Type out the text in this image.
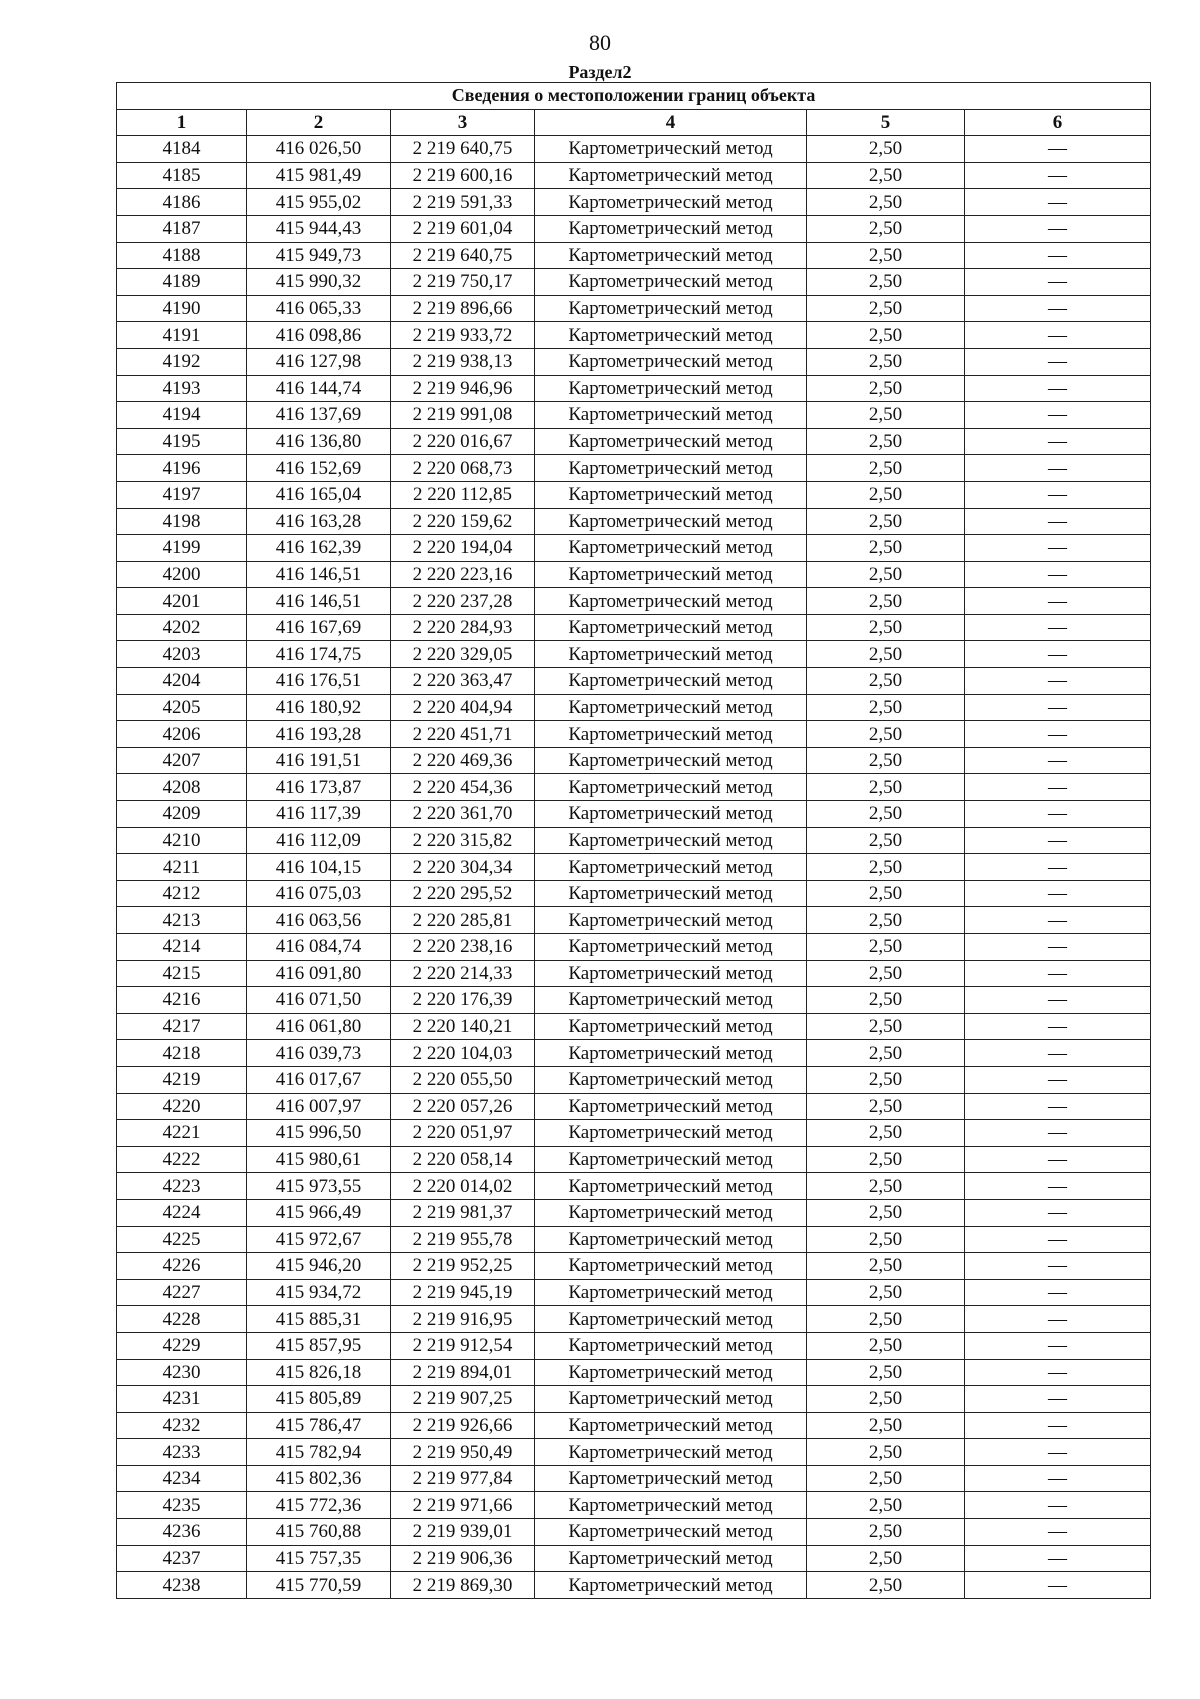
80
Раздел2
Сведения о местоположении границ объекта					
1	2	3	4	5	6
4184	416 026,50	2 219 640,75	Картометрический метод	2,50	—
4185	415 981,49	2 219 600,16	Картометрический метод	2,50	—
4186	415 955,02	2 219 591,33	Картометрический метод	2,50	—
4187	415 944,43	2 219 601,04	Картометрический метод	2,50	—
4188	415 949,73	2 219 640,75	Картометрический метод	2,50	—
4189	415 990,32	2 219 750,17	Картометрический метод	2,50	—
4190	416 065,33	2 219 896,66	Картометрический метод	2,50	—
4191	416 098,86	2 219 933,72	Картометрический метод	2,50	—
4192	416 127,98	2 219 938,13	Картометрический метод	2,50	—
4193	416 144,74	2 219 946,96	Картометрический метод	2,50	—
4194	416 137,69	2 219 991,08	Картометрический метод	2,50	—
4195	416 136,80	2 220 016,67	Картометрический метод	2,50	—
4196	416 152,69	2 220 068,73	Картометрический метод	2,50	—
4197	416 165,04	2 220 112,85	Картометрический метод	2,50	—
4198	416 163,28	2 220 159,62	Картометрический метод	2,50	—
4199	416 162,39	2 220 194,04	Картометрический метод	2,50	—
4200	416 146,51	2 220 223,16	Картометрический метод	2,50	—
4201	416 146,51	2 220 237,28	Картометрический метод	2,50	—
4202	416 167,69	2 220 284,93	Картометрический метод	2,50	—
4203	416 174,75	2 220 329,05	Картометрический метод	2,50	—
4204	416 176,51	2 220 363,47	Картометрический метод	2,50	—
4205	416 180,92	2 220 404,94	Картометрический метод	2,50	—
4206	416 193,28	2 220 451,71	Картометрический метод	2,50	—
4207	416 191,51	2 220 469,36	Картометрический метод	2,50	—
4208	416 173,87	2 220 454,36	Картометрический метод	2,50	—
4209	416 117,39	2 220 361,70	Картометрический метод	2,50	—
4210	416 112,09	2 220 315,82	Картометрический метод	2,50	—
4211	416 104,15	2 220 304,34	Картометрический метод	2,50	—
4212	416 075,03	2 220 295,52	Картометрический метод	2,50	—
4213	416 063,56	2 220 285,81	Картометрический метод	2,50	—
4214	416 084,74	2 220 238,16	Картометрический метод	2,50	—
4215	416 091,80	2 220 214,33	Картометрический метод	2,50	—
4216	416 071,50	2 220 176,39	Картометрический метод	2,50	—
4217	416 061,80	2 220 140,21	Картометрический метод	2,50	—
4218	416 039,73	2 220 104,03	Картометрический метод	2,50	—
4219	416 017,67	2 220 055,50	Картометрический метод	2,50	—
4220	416 007,97	2 220 057,26	Картометрический метод	2,50	—
4221	415 996,50	2 220 051,97	Картометрический метод	2,50	—
4222	415 980,61	2 220 058,14	Картометрический метод	2,50	—
4223	415 973,55	2 220 014,02	Картометрический метод	2,50	—
4224	415 966,49	2 219 981,37	Картометрический метод	2,50	—
4225	415 972,67	2 219 955,78	Картометрический метод	2,50	—
4226	415 946,20	2 219 952,25	Картометрический метод	2,50	—
4227	415 934,72	2 219 945,19	Картометрический метод	2,50	—
4228	415 885,31	2 219 916,95	Картометрический метод	2,50	—
4229	415 857,95	2 219 912,54	Картометрический метод	2,50	—
4230	415 826,18	2 219 894,01	Картометрический метод	2,50	—
4231	415 805,89	2 219 907,25	Картометрический метод	2,50	—
4232	415 786,47	2 219 926,66	Картометрический метод	2,50	—
4233	415 782,94	2 219 950,49	Картометрический метод	2,50	—
4234	415 802,36	2 219 977,84	Картометрический метод	2,50	—
4235	415 772,36	2 219 971,66	Картометрический метод	2,50	—
4236	415 760,88	2 219 939,01	Картометрический метод	2,50	—
4237	415 757,35	2 219 906,36	Картометрический метод	2,50	—
4238	415 770,59	2 219 869,30	Картометрический метод	2,50	—
